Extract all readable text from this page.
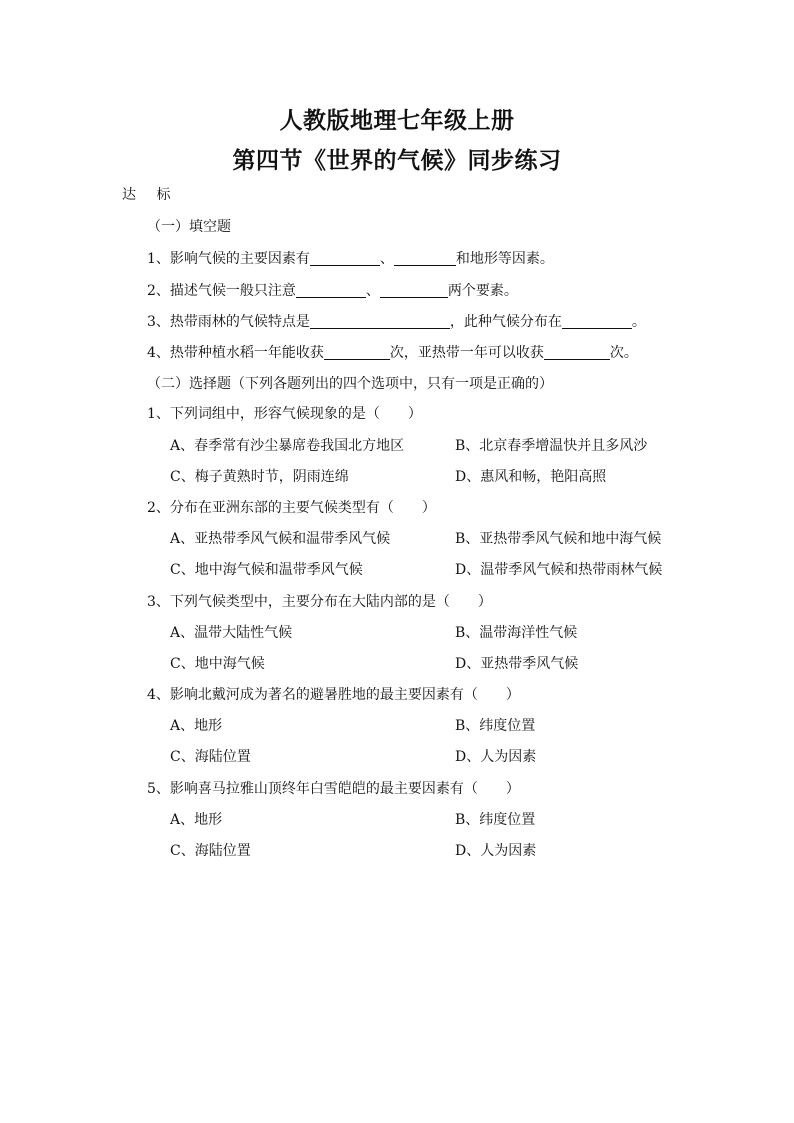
人教版地理七年级上册
第四节《世界的气候》同步练习
达 标
（一）填空题
1、影响气候的主要因素有	、	和地形等因素。
2、描述气候一般只注意	、	两个要素。
3、热带雨林的气候特点是	，此种气候分布在	。
4、热带种植水稻一年能收获	次，亚热带一年可以收获	次。
（二）选择题（下列各题列出的四个选项中，只有一项是正确的）
1、下列词组中，形容气候现象的是（　　）
A、春季常有沙尘暴席卷我国北方地区	B、北京春季增温快并且多风沙
C、梅子黄熟时节，阴雨连绵	D、惠风和畅，艳阳高照
2、分布在亚洲东部的主要气候类型有（　　）
A、亚热带季风气候和温带季风气候	B、亚热带季风气候和地中海气候
C、地中海气候和温带季风气候	D、温带季风气候和热带雨林气候
3、下列气候类型中，主要分布在大陆内部的是（　　）
A、温带大陆性气候	B、温带海洋性气候
C、地中海气候	D、亚热带季风气候
4、影响北戴河成为著名的避暑胜地的最主要因素有（　　）
A、地形	B、纬度位置
C、海陆位置	D、人为因素
5、影响喜马拉雅山顶终年白雪皑皑的最主要因素有（　　）
A、地形	B、纬度位置
C、海陆位置	D、人为因素
